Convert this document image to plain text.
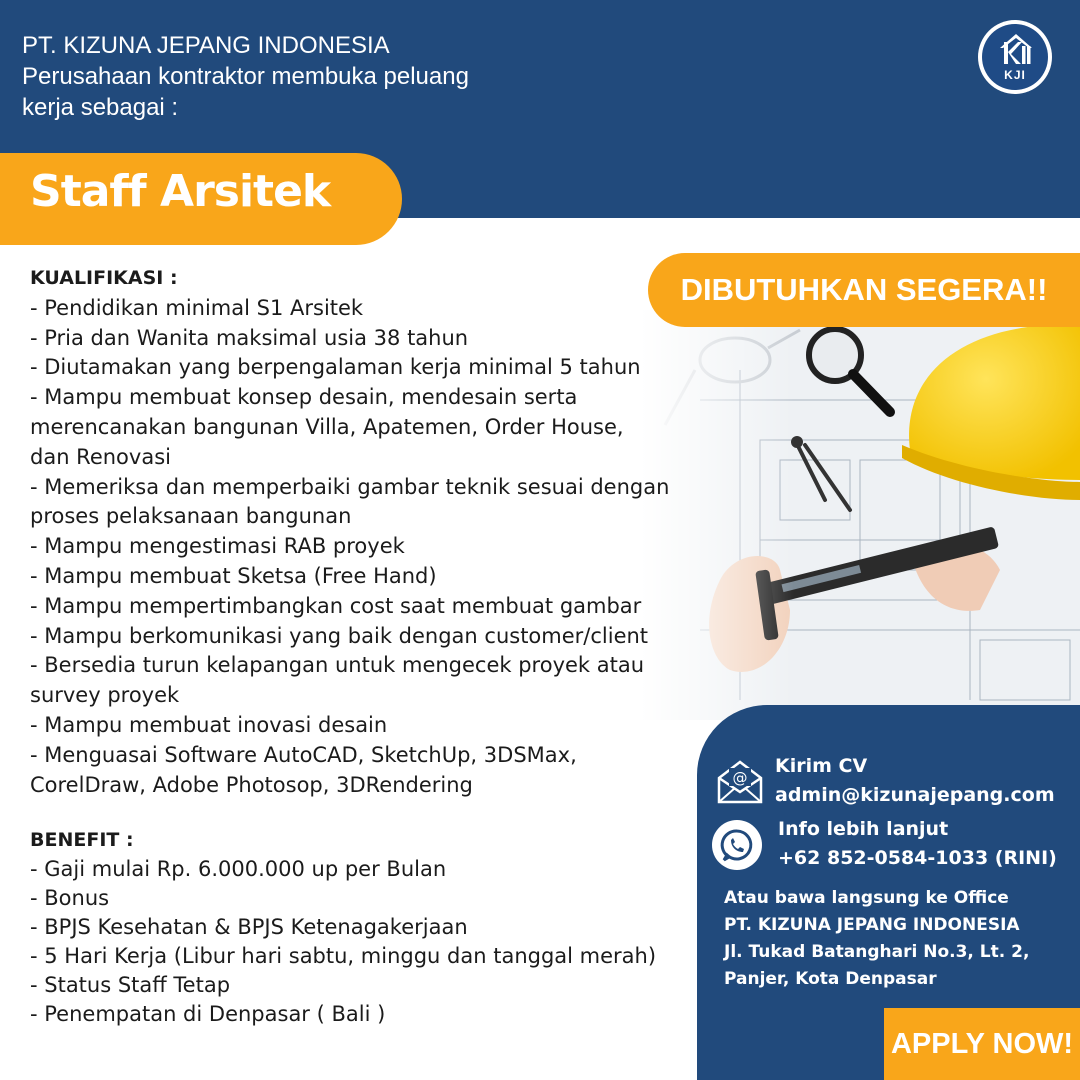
PT. KIZUNA JEPANG INDONESIA
Perusahaan kontraktor membuka peluang
kerja sebagai :
KJI
Staff Arsitek
DIBUTUHKAN SEGERA!!
KUALIFIKASI :
- Pendidikan minimal S1 Arsitek
- Pria dan Wanita maksimal usia 38 tahun
- Diutamakan yang berpengalaman kerja minimal 5 tahun
- Mampu membuat konsep desain, mendesain serta merencanakan bangunan Villa, Apatemen, Order House, dan Renovasi
- Memeriksa dan memperbaiki gambar teknik sesuai dengan proses pelaksanaan bangunan
- Mampu mengestimasi RAB proyek
- Mampu membuat Sketsa (Free Hand)
- Mampu mempertimbangkan cost saat membuat gambar
- Mampu berkomunikasi yang baik dengan customer/client
- Bersedia turun kelapangan untuk mengecek proyek atau survey proyek
- Mampu membuat inovasi desain
- Menguasai Software AutoCAD, SketchUp, 3DSMax, CorelDraw, Adobe Photosop, 3DRendering
BENEFIT :
- Gaji mulai Rp. 6.000.000 up per Bulan
- Bonus
- BPJS Kesehatan & BPJS Ketenagakerjaan
- 5 Hari Kerja (Libur hari sabtu, minggu dan tanggal merah)
- Status Staff Tetap
- Penempatan di Denpasar ( Bali )
@
Kirim CV
admin@kizunajepang.com
Info lebih lanjut
+62 852-0584-1033 (RINI)
Atau bawa langsung ke Office
PT. KIZUNA JEPANG INDONESIA
Jl. Tukad Batanghari No.3, Lt. 2,
Panjer, Kota Denpasar
APPLY NOW!
